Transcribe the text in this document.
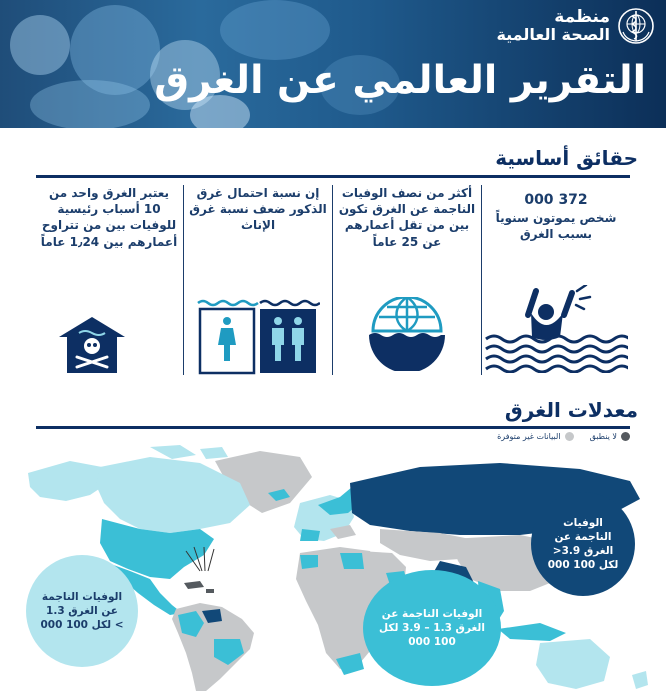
منظمة
الصحة العالمية
التقرير العالمي عن الغرق
حقائق أساسية
372 000
شخص يموتون سنوياً بسبب الغرق
أكثر من نصف الوفيات الناجمة عن الغرق تكون بين من تقل أعمارهم عن 25 عاماً
إن نسبة احتمال غرق الذكور ضعف نسبة غرق الإناث
يعتبر الغرق واحد من 10 أسباب رئيسية للوفيات بين من تتراوح أعمارهم بين 1٫24 عاماً
معدلات الغرق
لا ينطبق
البيانات غير متوفرة
الوفيات الناجمة عن الغرق 3.9< لكل 100 000
الوفيات الناجمة عن الغرق 1.3 – 3.9 لكل 100 000
الوفيات الناجمة عن الغرق 1.3 > لكل 100 000
